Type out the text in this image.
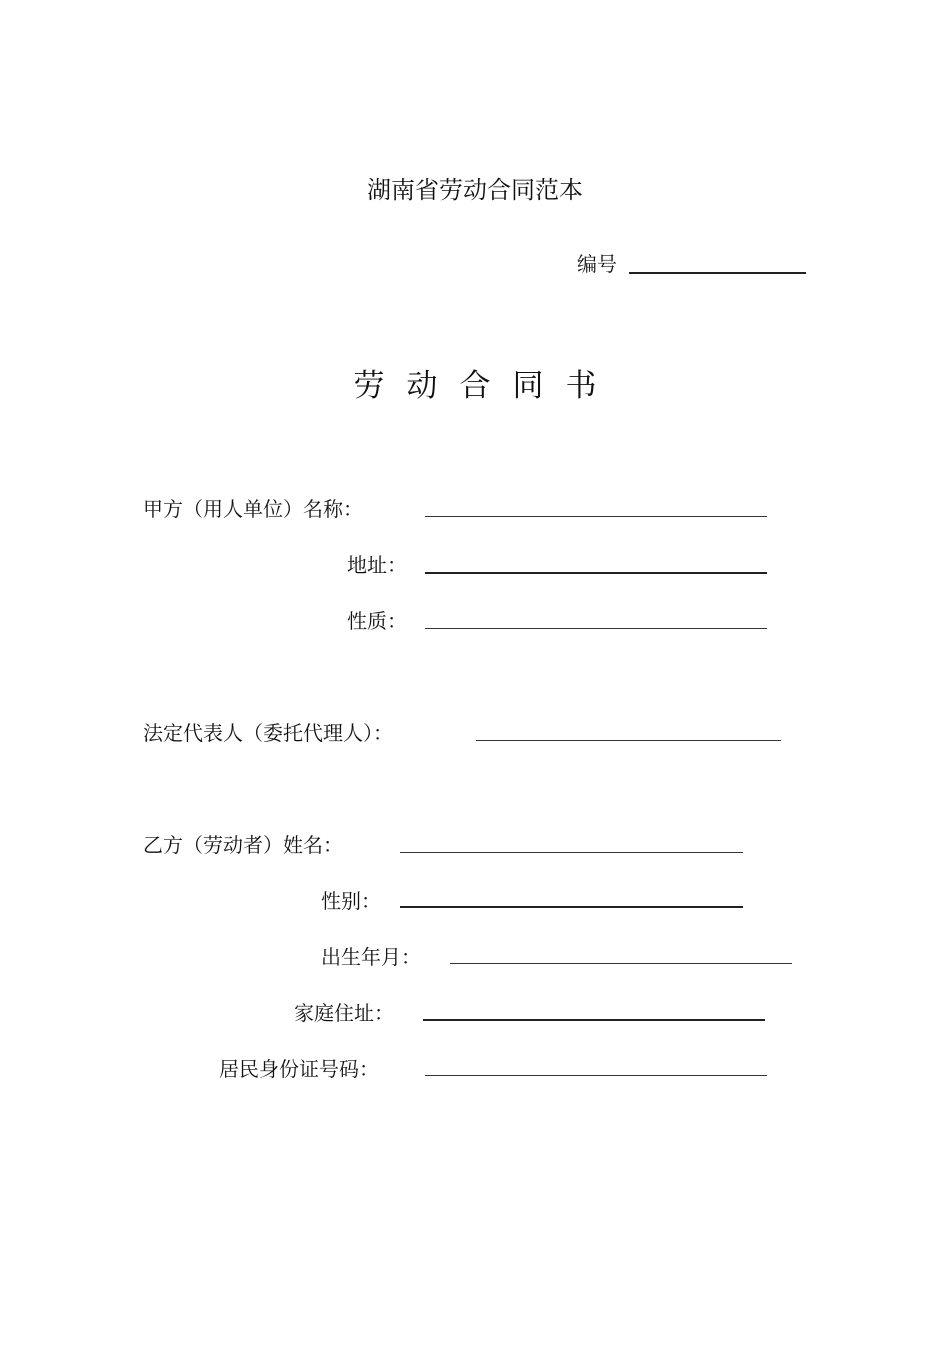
湖南省劳动合同范本
编号
劳动合同书
甲方（用人单位）名称：
地址：
性质：
法定代表人（委托代理人）：
乙方（劳动者）姓名：
性别：
出生年月：
家庭住址：
居民身份证号码：
